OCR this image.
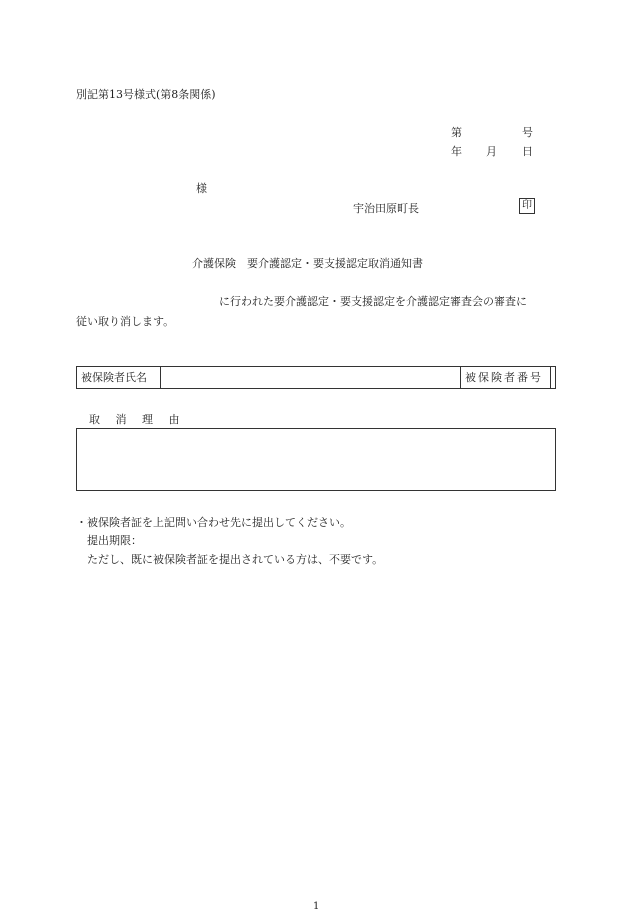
別記第13号様式(第8条関係)
第	号
年 月 日
様
宇治田原町長	印
介護保険　要介護認定・要支援認定取消通知書
に行われた要介護認定・要支援認定を介護認定審査会の審査に
従い取り消します。
被保険者氏名	被保険者番号
取 消 理 由
・被保険者証を上記問い合わせ先に提出してください。
提出期限：
ただし、既に被保険者証を提出されている方は、不要です。
1
